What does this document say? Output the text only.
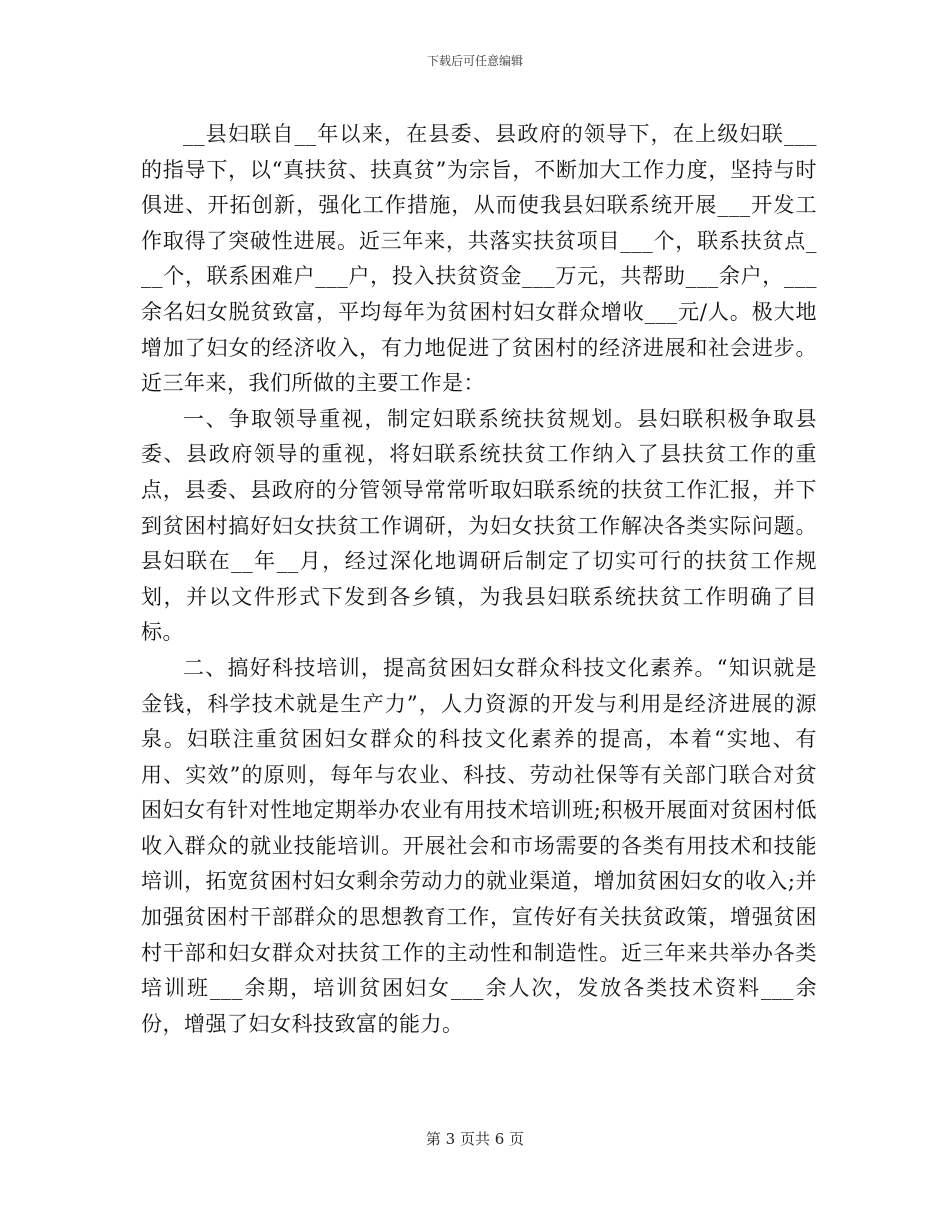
下载后可任意编辑

__县妇联自__年以来，在县委、县政府的领导下，在上级妇联___的指导下，以“真扶贫、扶真贫”为宗旨，不断加大工作力度，坚持与时俱进、开拓创新，强化工作措施，从而使我县妇联系统开展___开发工作取得了突破性进展。近三年来，共落实扶贫项目___个，联系扶贫点___个，联系困难户___户，投入扶贫资金___万元，共帮助___余户，___余名妇女脱贫致富，平均每年为贫困村妇女群众增收___元/人。极大地增加了妇女的经济收入，有力地促进了贫困村的经济进展和社会进步。近三年来，我们所做的主要工作是：

一、争取领导重视，制定妇联系统扶贫规划。县妇联积极争取县委、县政府领导的重视，将妇联系统扶贫工作纳入了县扶贫工作的重点，县委、县政府的分管领导常常听取妇联系统的扶贫工作汇报，并下到贫困村搞好妇女扶贫工作调研，为妇女扶贫工作解决各类实际问题。县妇联在__年__月，经过深化地调研后制定了切实可行的扶贫工作规划，并以文件形式下发到各乡镇，为我县妇联系统扶贫工作明确了目标。

二、搞好科技培训，提高贫困妇女群众科技文化素养。“知识就是金钱，科学技术就是生产力”，人力资源的开发与利用是经济进展的源泉。妇联注重贫困妇女群众的科技文化素养的提高，本着“实地、有用、实效”的原则，每年与农业、科技、劳动社保等有关部门联合对贫困妇女有针对性地定期举办农业有用技术培训班;积极开展面对贫困村低收入群众的就业技能培训。开展社会和市场需要的各类有用技术和技能培训，拓宽贫困村妇女剩余劳动力的就业渠道，增加贫困妇女的收入;并加强贫困村干部群众的思想教育工作，宣传好有关扶贫政策，增强贫困村干部和妇女群众对扶贫工作的主动性和制造性。近三年来共举办各类培训班___余期，培训贫困妇女___余人次，发放各类技术资料___余份，增强了妇女科技致富的能力。

第 3 页共 6 页
